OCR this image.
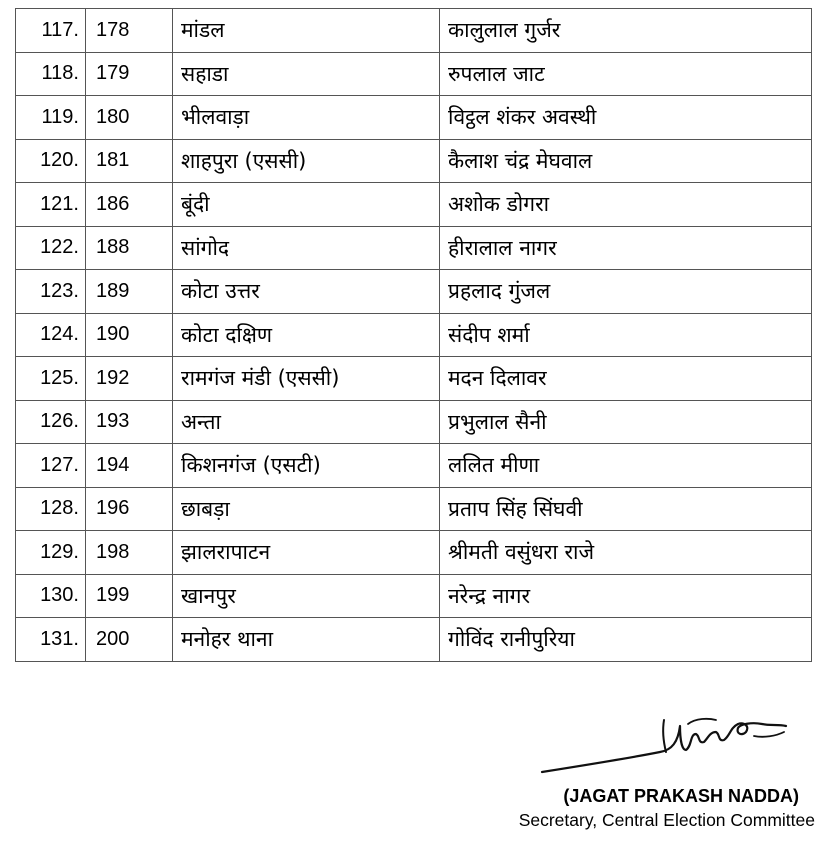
117.	178	मांडल	कालुलाल गुर्जर
118.	179	सहाडा	रुपलाल जाट
119.	180	भीलवाड़ा	विट्ठल शंकर अवस्थी
120.	181	शाहपुरा (एससी)	कैलाश चंद्र मेघवाल
121.	186	बूंदी	अशोक डोगरा
122.	188	सांगोद	हीरालाल नागर
123.	189	कोटा उत्तर	प्रहलाद गुंजल
124.	190	कोटा दक्षिण	संदीप शर्मा
125.	192	रामगंज मंडी (एससी)	मदन दिलावर
126.	193	अन्ता	प्रभुलाल सैनी
127.	194	किशनगंज (एसटी)	ललित मीणा
128.	196	छाबड़ा	प्रताप सिंह सिंघवी
129.	198	झालरापाटन	श्रीमती वसुंधरा राजे
130.	199	खानपुर	नरेन्द्र नागर
131.	200	मनोहर थाना	गोविंद रानीपुरिया
(JAGAT PRAKASH NADDA)
Secretary, Central Election Committee
